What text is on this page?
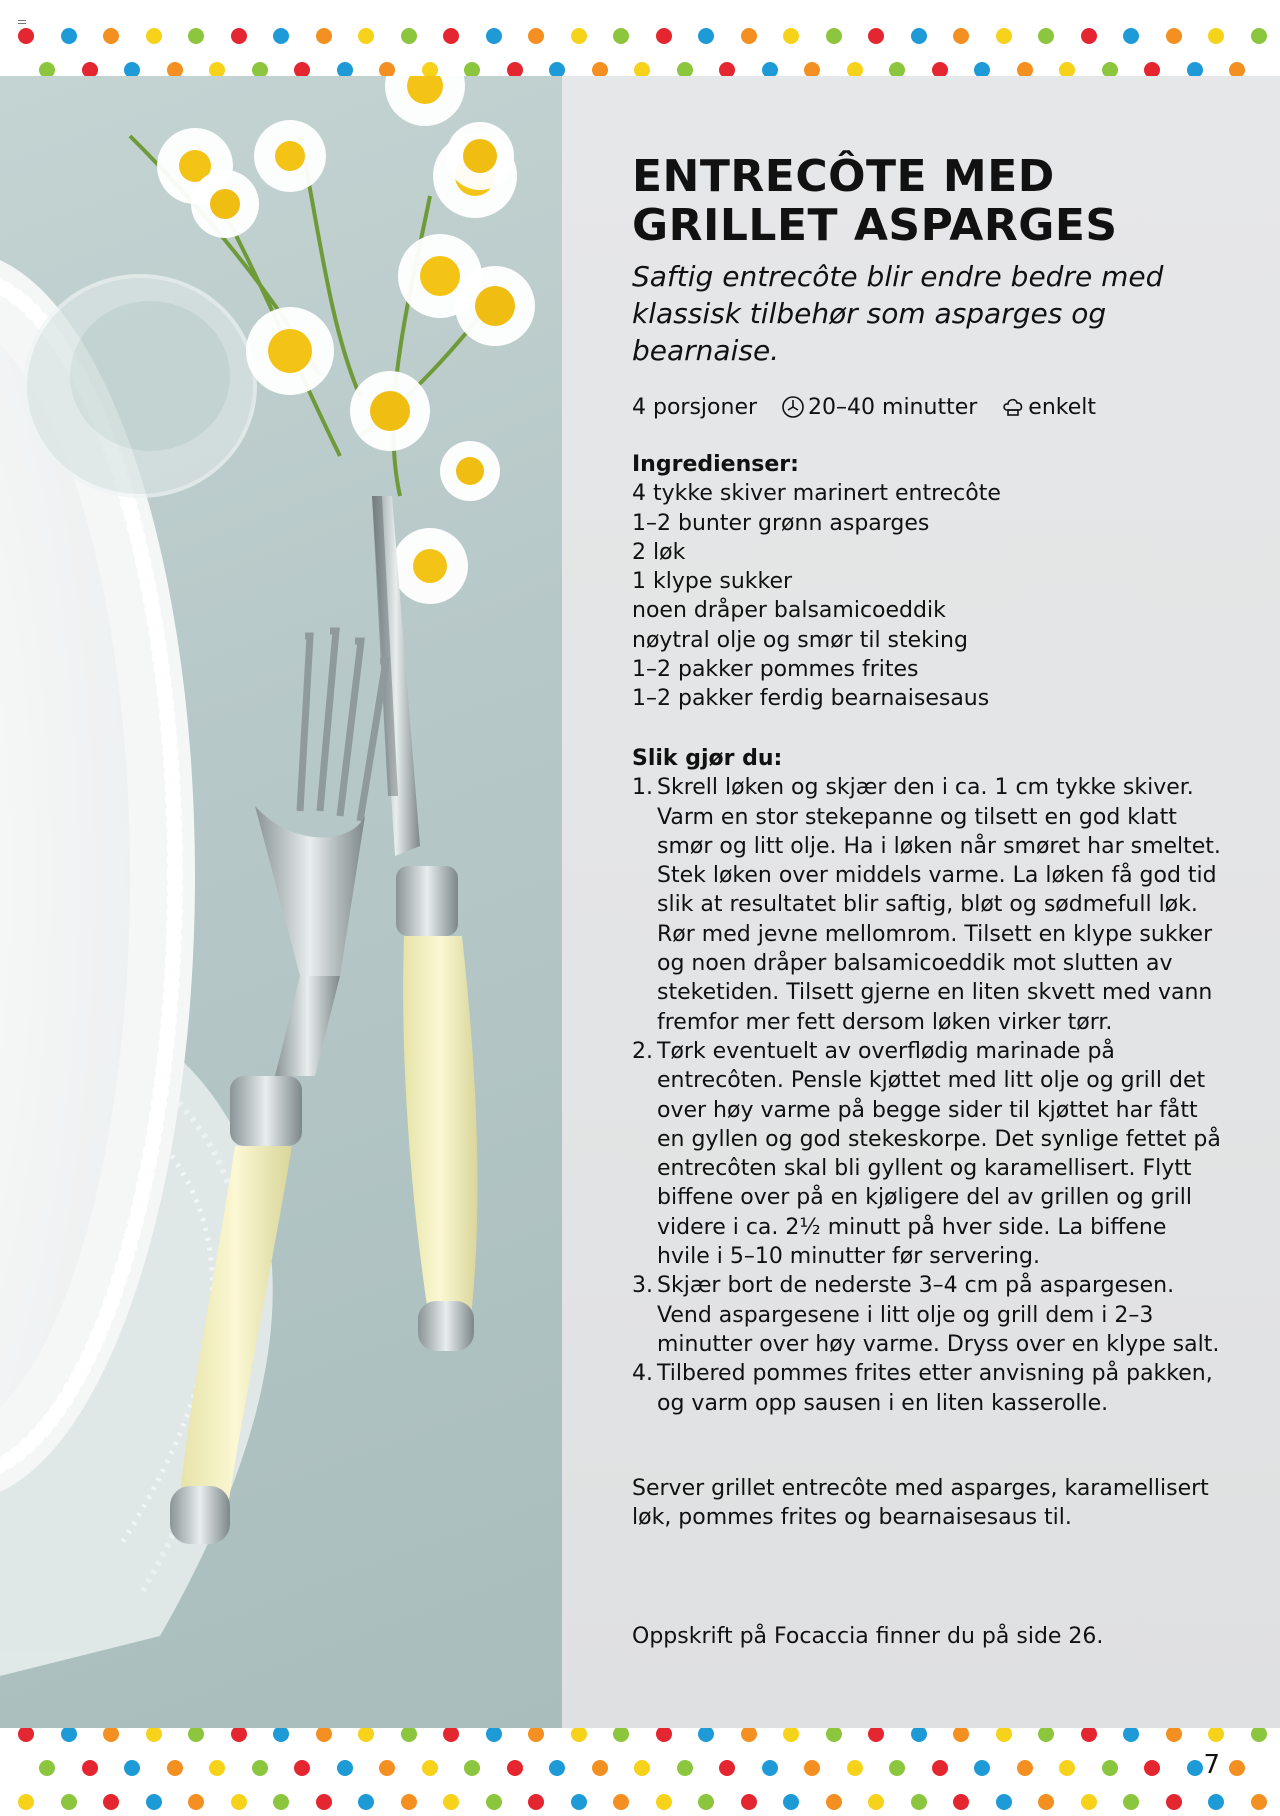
ENTRECÔTE MED GRILLET ASPARGES

Saftig entrecôte blir endre bedre med klassisk tilbehør som asparges og bearnaise.

4 porsjoner 20–40 minutter enkelt
Ingredienser:
4 tykke skiver marinert entrecôte
1–2 bunter grønn asparges
2 løk
1 klype sukker
noen dråper balsamicoeddik
nøytral olje og smør til steking
1–2 pakker pommes frites
1–2 pakker ferdig bearnaisesaus
Slik gjør du:
1. Skrell løken og skjær den i ca. 1 cm tykke skiver. Varm en stor stekepanne og tilsett en god klatt smør og litt olje. Ha i løken når smøret har smeltet. Stek løken over middels varme. La løken få god tid slik at resultatet blir saftig, bløt og sødmefull løk. Rør med jevne mellomrom. Tilsett en klype sukker og noen dråper balsamicoeddik mot slutten av steketiden. Tilsett gjerne en liten skvett med vann fremfor mer fett dersom løken virker tørr.
2. Tørk eventuelt av overflødig marinade på entrecôten. Pensle kjøttet med litt olje og grill det over høy varme på begge sider til kjøttet har fått en gyllen og god stekeskorpe. Det synlige fettet på entrecôten skal bli gyllent og karamellisert. Flytt biffene over på en kjøligere del av grillen og grill videre i ca. 2½ minutt på hver side. La biffene hvile i 5–10 minutter før servering.
3. Skjær bort de nederste 3–4 cm på aspargesen. Vend aspargesene i litt olje og grill dem i 2–3 minutter over høy varme. Dryss over en klype salt.
4. Tilbered pommes frites etter anvisning på pakken, og varm opp sausen i en liten kasserolle.

Server grillet entrecôte med asparges, karamellisert løk, pommes frites og bearnaisesaus til.

Oppskrift på Focaccia finner du på side 26.

7
